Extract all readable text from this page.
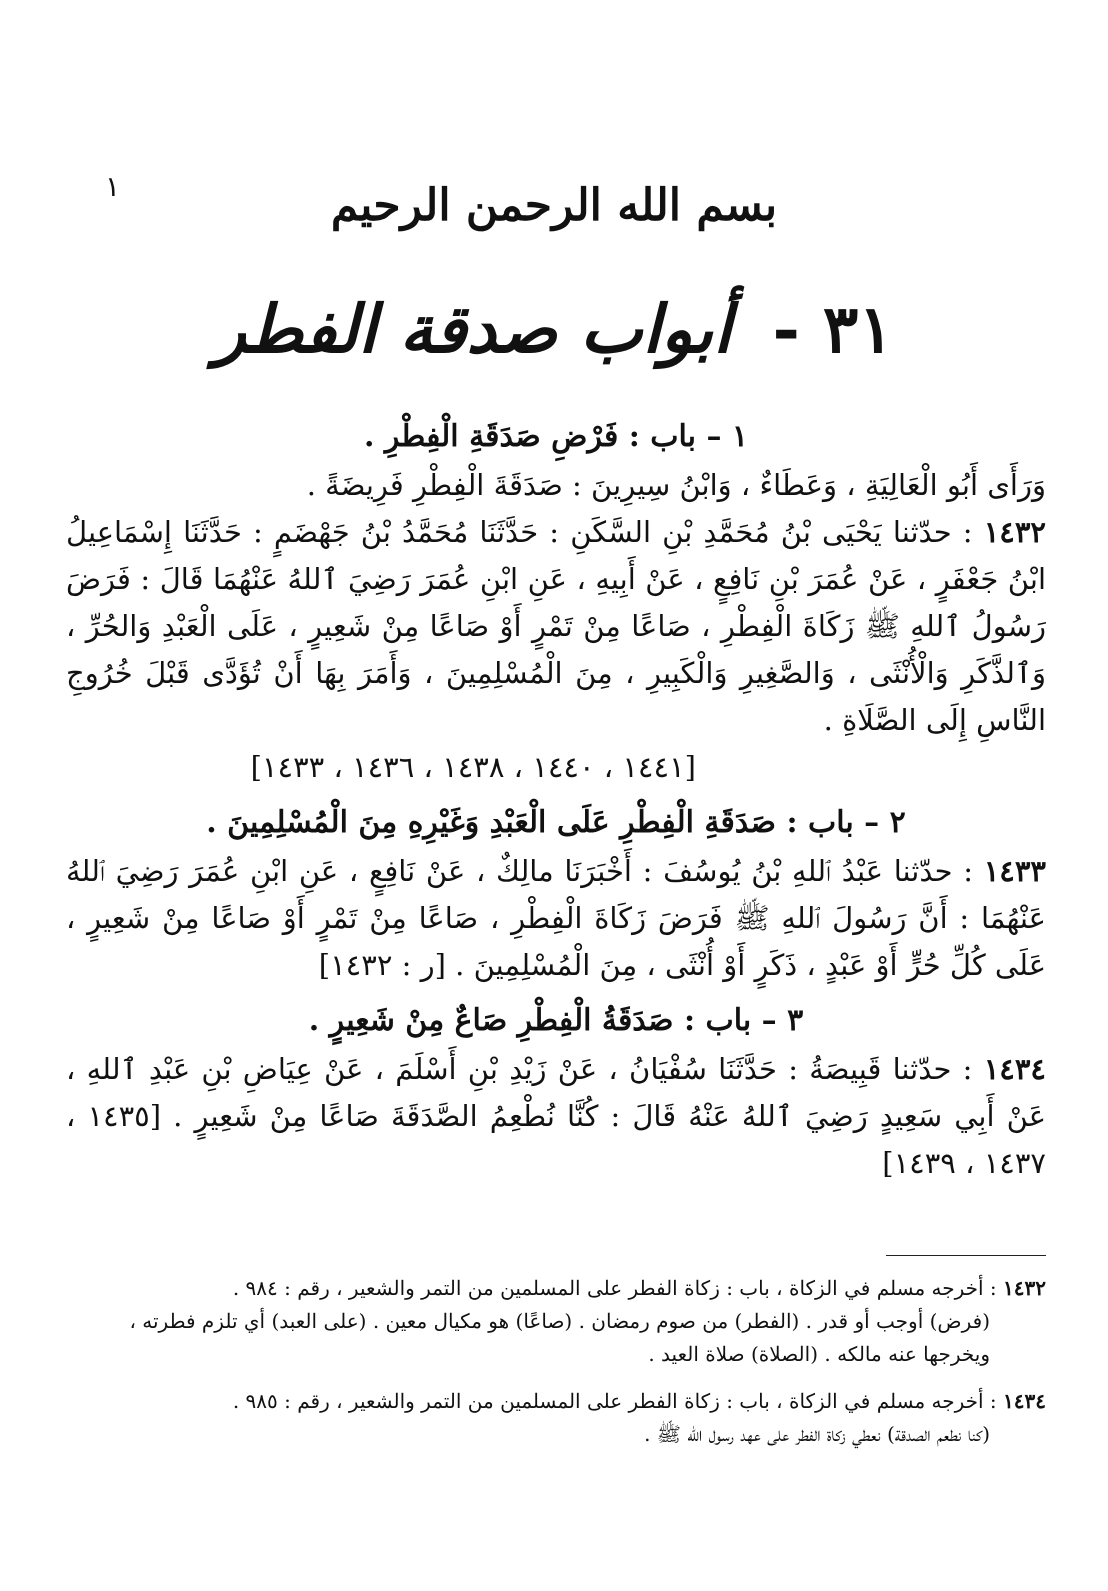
١	بسم الله الرحمن الرحيم
٣١ - أبواب صدقة الفطر
١ – باب : فَرْضِ صَدَقَةِ الْفِطْرِ .

وَرَأَى أَبُو الْعَالِيَةِ ، وَعَطَاءٌ ، وَابْنُ سِيرِينَ : صَدَقَةَ الْفِطْرِ فَرِيضَةً .

١٤٣٢ : حدّثنا يَحْيَى بْنُ مُحَمَّدِ بْنِ السَّكَنِ : حَدَّثَنَا مُحَمَّدُ بْنُ جَهْضَمٍ : حَدَّثَنَا إِسْمَاعِيلُ ابْنُ جَعْفَرٍ ، عَنْ عُمَرَ بْنِ نَافِعٍ ، عَنْ أَبِيهِ ، عَنِ ابْنِ عُمَرَ رَضِيَ ٱللهُ عَنْهُمَا قَالَ : فَرَضَ رَسُولُ ٱللهِ ﷺ زَكَاةَ الْفِطْرِ ، صَاعًا مِنْ تَمْرٍ أَوْ صَاعًا مِنْ شَعِيرٍ ، عَلَى الْعَبْدِ وَالحُرِّ ، وَٱلذَّكَرِ وَالْأُنْثَى ، وَالصَّغِيرِ وَالْكَبِيرِ ، مِنَ الْمُسْلِمِينَ ، وَأَمَرَ بِهَا أَنْ تُؤَدَّى قَبْلَ خُرُوجِ النَّاسِ إِلَى الصَّلَاةِ .

[١٤٤١ ، ١٤٤٠ ، ١٤٣٨ ، ١٤٣٦ ، ١٤٣٣]

٢ – باب : صَدَقَةِ الْفِطْرِ عَلَى الْعَبْدِ وَغَيْرِهِ مِنَ الْمُسْلِمِينَ .

١٤٣٣ : حدّثنا عَبْدُ ٱللهِ بْنُ يُوسُفَ : أَخْبَرَنَا مالِكٌ ، عَنْ نَافِعٍ ، عَنِ ابْنِ عُمَرَ رَضِيَ ٱللهُ عَنْهُمَا : أَنَّ رَسُولَ ٱللهِ ﷺ فَرَضَ زَكَاةَ الْفِطْرِ ، صَاعًا مِنْ تَمْرٍ أَوْ صَاعًا مِنْ شَعِيرٍ ، عَلَى كُلِّ حُرٍّ أَوْ عَبْدٍ ، ذَكَرٍ أَوْ أُنْثَى ، مِنَ الْمُسْلِمِينَ . [ر : ١٤٣٢]

٣ – باب : صَدَقَةُ الْفِطْرِ صَاعٌ مِنْ شَعِيرٍ .

١٤٣٤ : حدّثنا قَبِيصَةُ : حَدَّثَنَا سُفْيَانُ ، عَنْ زَيْدِ بْنِ أَسْلَمَ ، عَنْ عِيَاضِ بْنِ عَبْدِ ٱللهِ ، عَنْ أَبِي سَعِيدٍ رَضِيَ ٱللهُ عَنْهُ قَالَ : كُنَّا نُطْعِمُ الصَّدَقَةَ صَاعًا مِنْ شَعِيرٍ . [١٤٣٥ ، ١٤٣٧ ، ١٤٣٩]

١٤٣٢ : أخرجه مسلم في الزكاة ، باب : زكاة الفطر على المسلمين من التمر والشعير ، رقم : ٩٨٤ .
(فرض) أوجب أو قدر . (الفطر) من صوم رمضان . (صاعًا) هو مكيال معين . (على العبد) أي تلزم فطرته ، ويخرجها عنه مالكه . (الصلاة) صلاة العيد .
١٤٣٤ : أخرجه مسلم في الزكاة ، باب : زكاة الفطر على المسلمين من التمر والشعير ، رقم : ٩٨٥ .
(كنا نطعم الصدقة) نعطي زكاة الفطر على عهد رسول الله ﷺ .
